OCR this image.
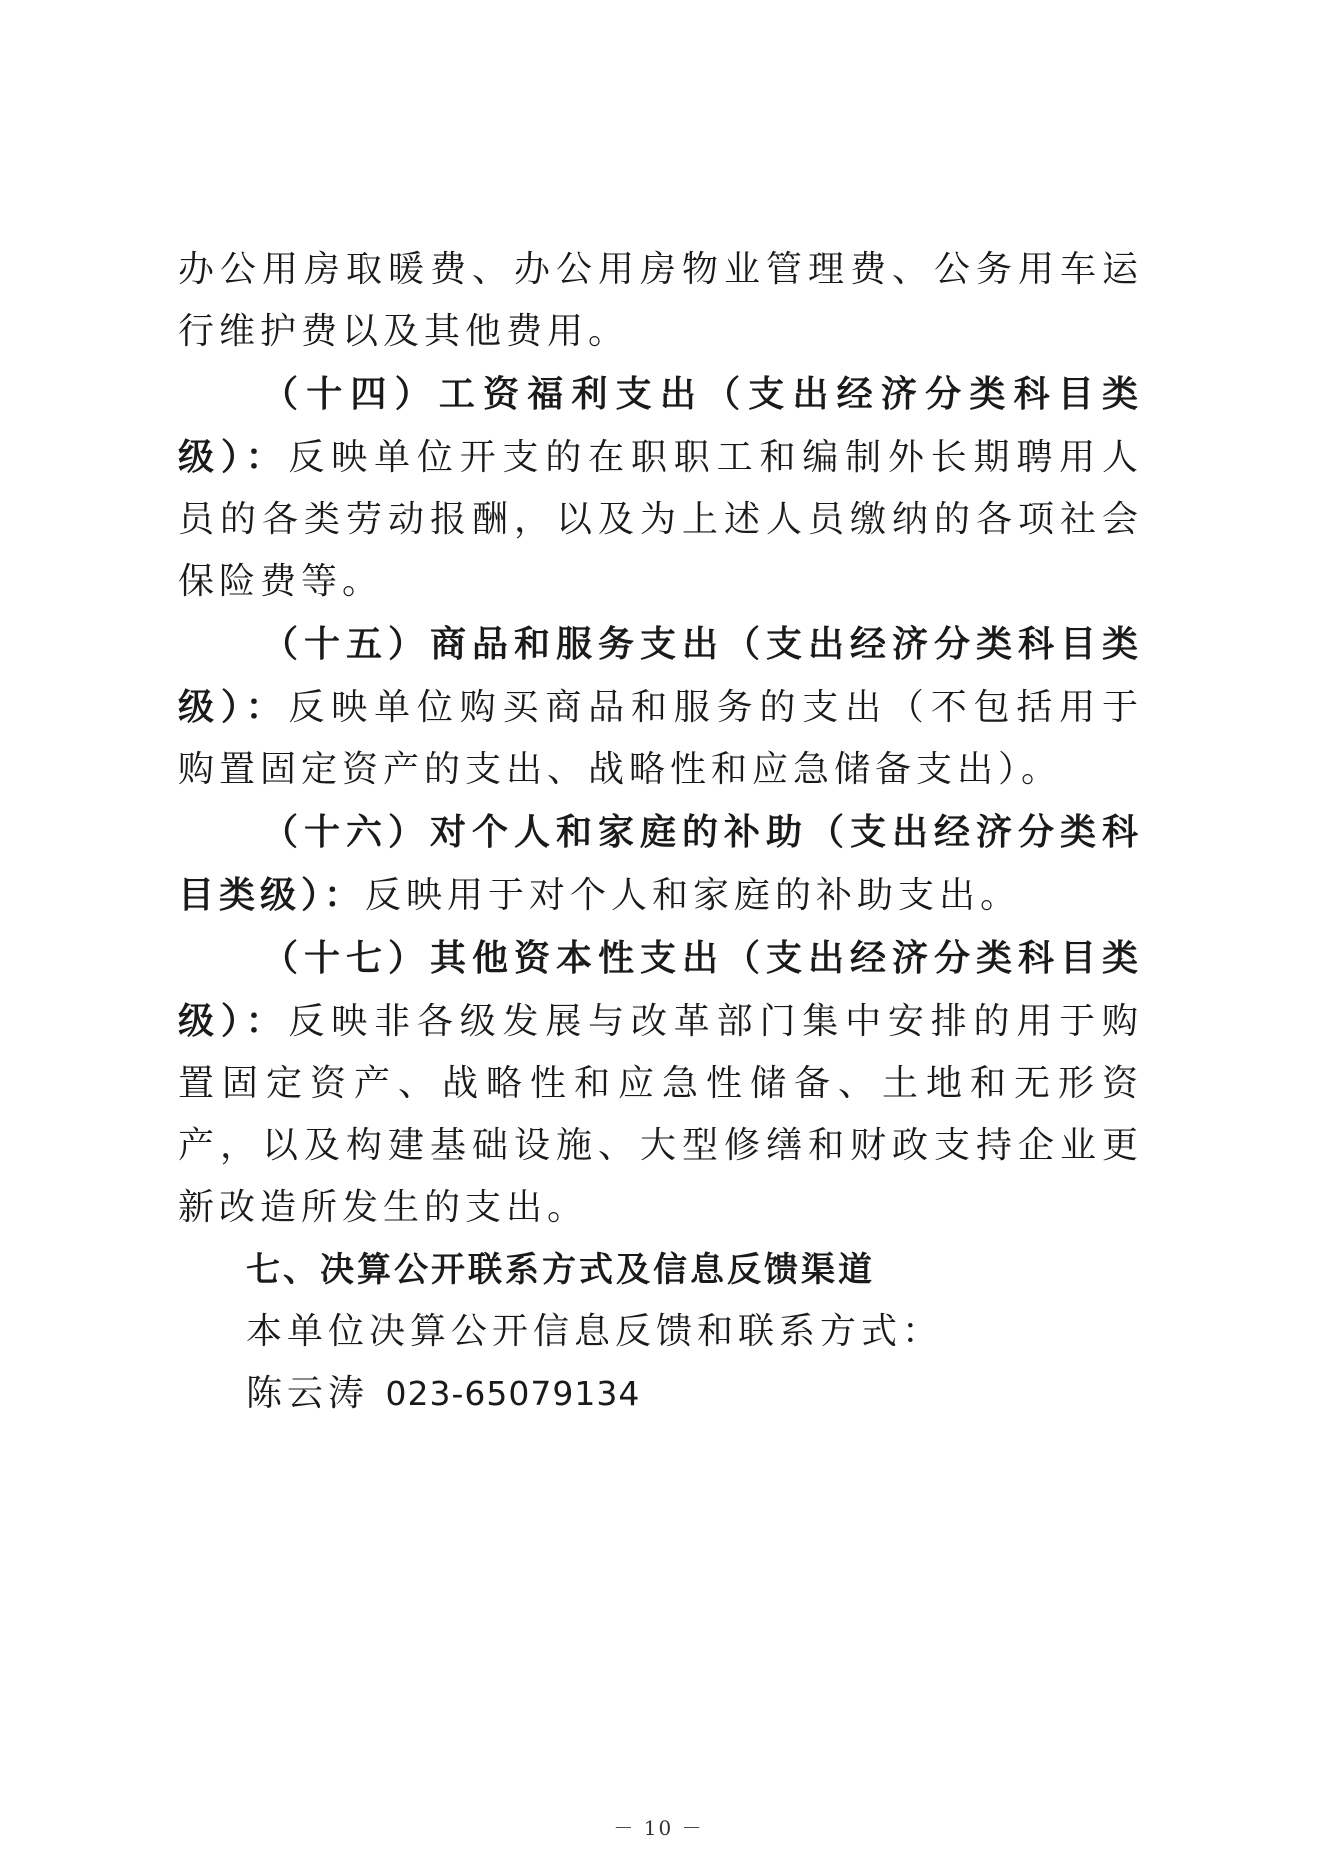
办公用房取暖费、办公用房物业管理费、公务用车运行维护费以及其他费用。

（十四）工资福利支出（支出经济分类科目类级）：反映单位开支的在职职工和编制外长期聘用人员的各类劳动报酬，以及为上述人员缴纳的各项社会保险费等。

（十五）商品和服务支出（支出经济分类科目类级）：反映单位购买商品和服务的支出（不包括用于购置固定资产的支出、战略性和应急储备支出）。

（十六）对个人和家庭的补助（支出经济分类科目类级）：反映用于对个人和家庭的补助支出。

（十七）其他资本性支出（支出经济分类科目类级）：反映非各级发展与改革部门集中安排的用于购置固定资产、战略性和应急性储备、土地和无形资产，以及构建基础设施、大型修缮和财政支持企业更新改造所发生的支出。

七、决算公开联系方式及信息反馈渠道

本单位决算公开信息反馈和联系方式：

陈云涛 023-65079134

－ 10 －
